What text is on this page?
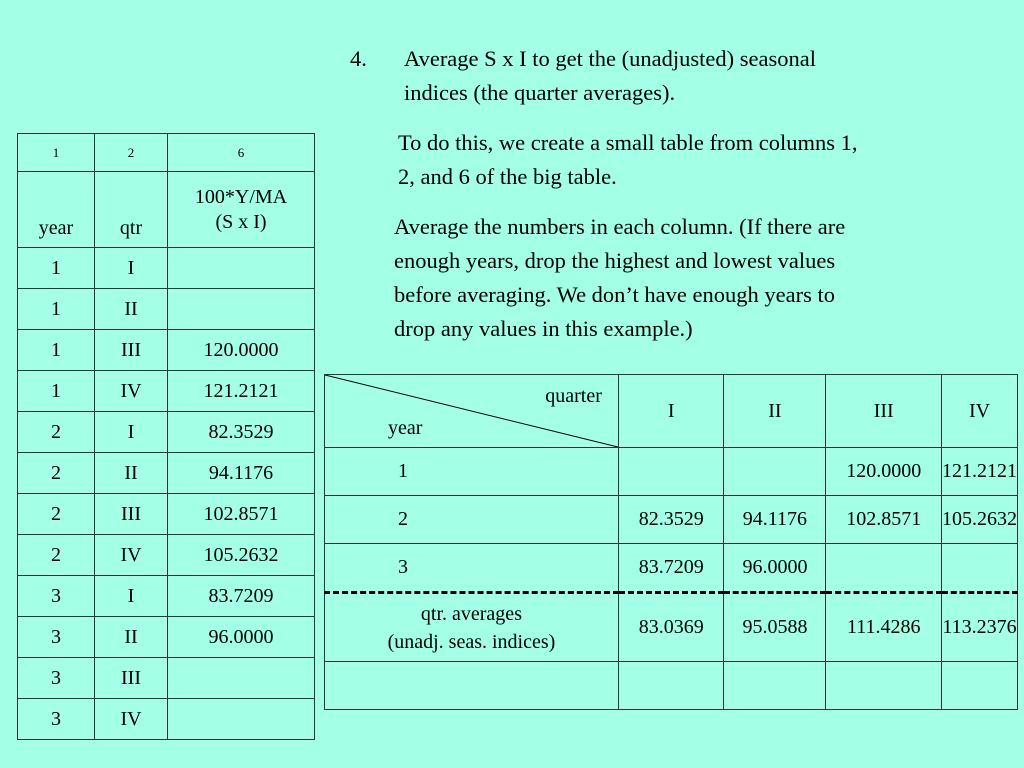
4. Average S x I to get the (unadjusted) seasonal
indices (the quarter averages).
To do this, we create a small table from columns 1,
2, and 6 of the big table.
Average the numbers in each column. (If there are
enough years, drop the highest and lowest values
before averaging. We don’t have enough years to
drop any values in this example.)
1	2	6
year	qtr	100*Y/MA
(S x I)

1	I	
1	II	
1	III	120.0000
1	IV	121.2121
2	I	82.3529
2	II	94.1176
2	III	102.8571
2	IV	105.2632
3	I	83.7209
3	II	96.0000
3	III	
3	IV	
quarter
year	I	II	III	IV
1			120.0000	121.2121
2	82.3529	94.1176	102.8571	105.2632
3	83.7209	96.0000		

qtr. averages
(unadj. seas. indices)	83.0369	95.0588	111.4286	113.2376
